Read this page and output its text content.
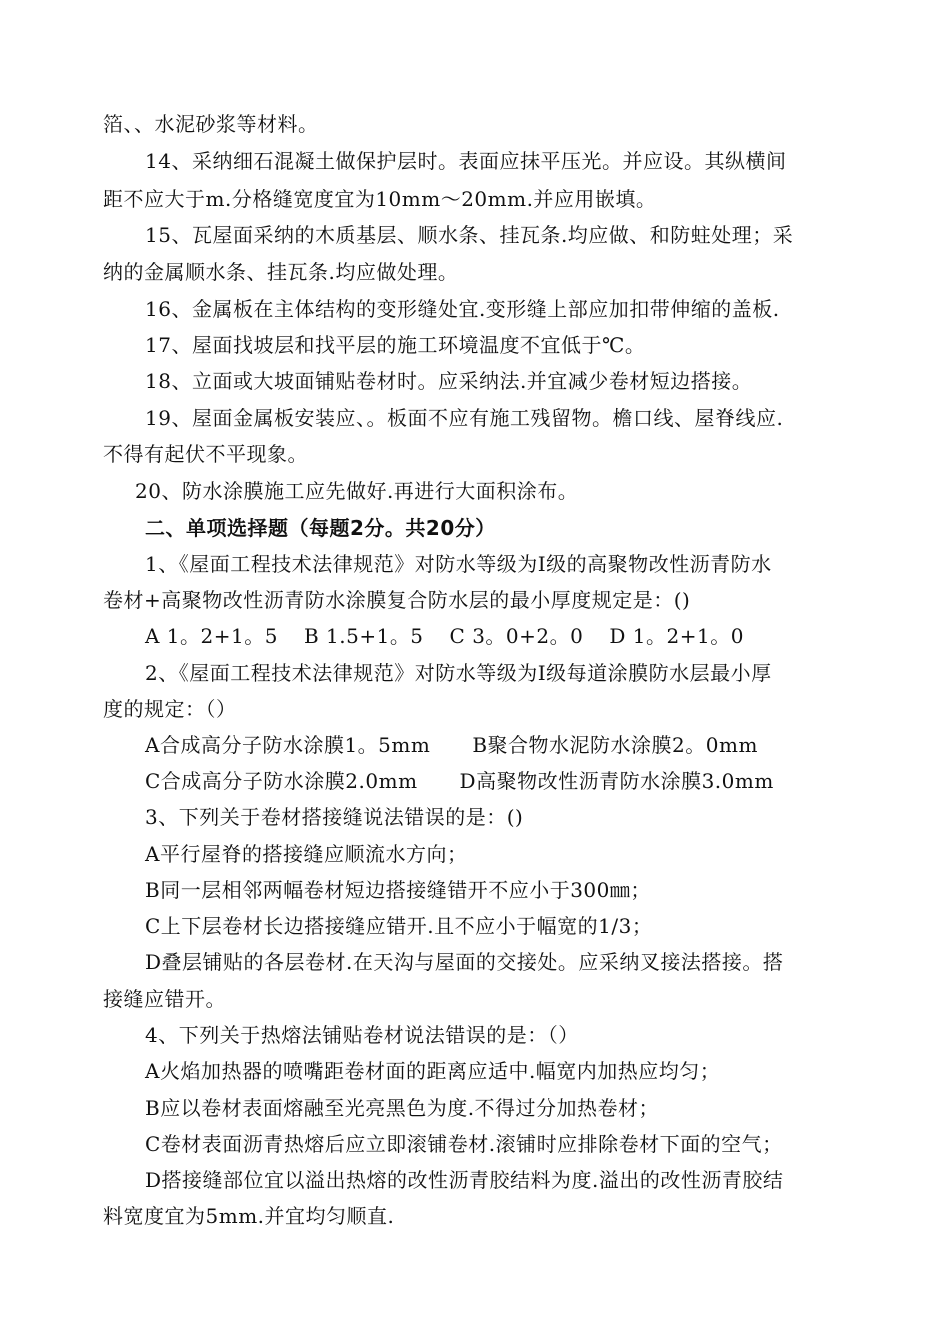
箔、、水泥砂浆等材料。
14、采纳细石混凝土做保护层时。表面应抹平压光。并应设。其纵横间
距不应大于m.分格缝宽度宜为10mm～20mm.并应用嵌填。
15、瓦屋面采纳的木质基层、顺水条、挂瓦条.均应做、和防蛀处理；采
纳的金属顺水条、挂瓦条.均应做处理。
16、金属板在主体结构的变形缝处宜.变形缝上部应加扣带伸缩的盖板.
17、屋面找坡层和找平层的施工环境温度不宜低于℃。
18、立面或大坡面铺贴卷材时。应采纳法.并宜减少卷材短边搭接。
19、屋面金属板安装应、。板面不应有施工残留物。檐口线、屋脊线应.
不得有起伏不平现象。
20、防水涂膜施工应先做好.再进行大面积涂布。
二、单项选择题（每题2分。共20分）
1、《屋面工程技术法律规范》对防水等级为Ⅰ级的高聚物改性沥青防水
卷材+高聚物改性沥青防水涂膜复合防水层的最小厚度规定是：()
A 1。2+1。5 B 1.5+1。5 C 3。0+2。0 D 1。2+1。0
2、《屋面工程技术法律规范》对防水等级为Ⅰ级每道涂膜防水层最小厚
度的规定：（）
A合成高分子防水涂膜1。5mm B聚合物水泥防水涂膜2。0mm
C合成高分子防水涂膜2.0mm D高聚物改性沥青防水涂膜3.0mm
3、下列关于卷材搭接缝说法错误的是：()
A平行屋脊的搭接缝应顺流水方向；
B同一层相邻两幅卷材短边搭接缝错开不应小于300㎜；
C上下层卷材长边搭接缝应错开.且不应小于幅宽的1/3；
D叠层铺贴的各层卷材.在天沟与屋面的交接处。应采纳叉接法搭接。搭
接缝应错开。
4、下列关于热熔法铺贴卷材说法错误的是：（）
A火焰加热器的喷嘴距卷材面的距离应适中.幅宽内加热应均匀；
B应以卷材表面熔融至光亮黑色为度.不得过分加热卷材；
C卷材表面沥青热熔后应立即滚铺卷材.滚铺时应排除卷材下面的空气；
D搭接缝部位宜以溢出热熔的改性沥青胶结料为度.溢出的改性沥青胶结
料宽度宜为5mm.并宜均匀顺直.
